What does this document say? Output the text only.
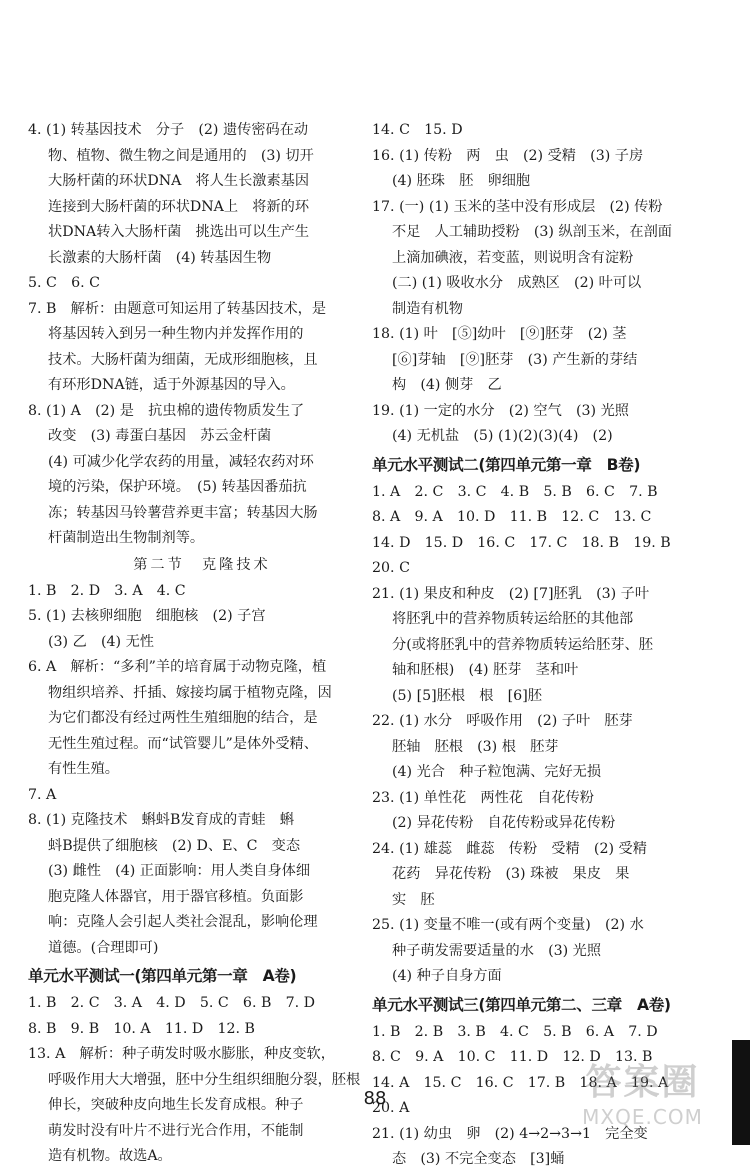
4. (1) 转基因技术　分子　(2) 遗传密码在动
物、植物、微生物之间是通用的　(3) 切开
大肠杆菌的环状DNA　将人生长激素基因
连接到大肠杆菌的环状DNA上　将新的环
状DNA转入大肠杆菌　挑选出可以生产生
长激素的大肠杆菌　(4) 转基因生物
5. C　6. C
7. B　解析：由题意可知运用了转基因技术，是
将基因转入到另一种生物内并发挥作用的
技术。大肠杆菌为细菌，无成形细胞核，且
有环形DNA链，适于外源基因的导入。
8. (1) A　(2) 是　抗虫棉的遗传物质发生了
改变　(3) 毒蛋白基因　苏云金杆菌
(4) 可减少化学农药的用量，减轻农药对环
境的污染，保护环境。　(5) 转基因番茄抗
冻；转基因马铃薯营养更丰富；转基因大肠
杆菌制造出生物制剂等。
第二节　克隆技术
1. B　2. D　3. A　4. C
5. (1) 去核卵细胞　细胞核　(2) 子宫
(3) 乙　(4) 无性
6. A　解析：“多利”羊的培育属于动物克隆，植
物组织培养、扦插、嫁接均属于植物克隆，因
为它们都没有经过两性生殖细胞的结合，是
无性生殖过程。而“试管婴儿”是体外受精、
有性生殖。
7. A
8. (1) 克隆技术　蝌蚪B发育成的青蛙　蝌
蚪B提供了细胞核　(2) D、E、C　变态
(3) 雌性　(4) 正面影响：用人类自身体细
胞克隆人体器官，用于器官移植。负面影
响：克隆人会引起人类社会混乱，影响伦理
道德。(合理即可)
单元水平测试一(第四单元第一章　A卷)
1. B　2. C　3. A　4. D　5. C　6. B　7. D
8. B　9. B　10. A　11. D　12. B
13. A　解析：种子萌发时吸水膨胀，种皮变软，
呼吸作用大大增强，胚中分生组织细胞分裂，胚根
伸长，突破种皮向地生长发育成根。种子
萌发时没有叶片不进行光合作用，不能制
造有机物。故选A。
14. C　15. D
16. (1) 传粉　两　虫　(2) 受精　(3) 子房
(4) 胚珠　胚　卵细胞
17. (一) (1) 玉米的茎中没有形成层　(2) 传粉
不足　人工辅助授粉　(3) 纵剖玉米，在剖面
上滴加碘液，若变蓝，则说明含有淀粉
(二) (1) 吸收水分　成熟区　(2) 叶可以
制造有机物
18. (1) 叶　[⑤]幼叶　[⑨]胚芽　(2) 茎
[⑥]芽轴　[⑨]胚芽　(3) 产生新的芽结
构　(4) 侧芽　乙
19. (1) 一定的水分　(2) 空气　(3) 光照
(4) 无机盐　(5) (1)(2)(3)(4)　(2)
单元水平测试二(第四单元第一章　B卷)
1. A　2. C　3. C　4. B　5. B　6. C　7. B
8. A　9. A　10. D　11. B　12. C　13. C
14. D　15. D　16. C　17. C　18. B　19. B
20. C
21. (1) 果皮和种皮　(2) [7]胚乳　(3) 子叶
将胚乳中的营养物质转运给胚的其他部
分(或将胚乳中的营养物质转运给胚芽、胚
轴和胚根)　(4) 胚芽　茎和叶
(5) [5]胚根　根　[6]胚
22. (1) 水分　呼吸作用　(2) 子叶　胚芽
胚轴　胚根　(3) 根　胚芽
(4) 光合　种子粒饱满、完好无损
23. (1) 单性花　两性花　自花传粉
(2) 异花传粉　自花传粉或异花传粉
24. (1) 雄蕊　雌蕊　传粉　受精　(2) 受精
花药　异花传粉　(3) 珠被　果皮　果
实　胚
25. (1) 变量不唯一(或有两个变量)　(2) 水
种子萌发需要适量的水　(3) 光照
(4) 种子自身方面
单元水平测试三(第四单元第二、三章　A卷)
1. B　2. B　3. B　4. C　5. B　6. A　7. D
8. C　9. A　10. C　11. D　12. D　13. B
14. A　15. C　16. C　17. B　18. A　19. A
20. A
21. (1) 幼虫　卵　(2) 4→2→3→1　完全变
态　(3) 不完全变态　[3]蛹
88	答案圈
MXQE.COM
